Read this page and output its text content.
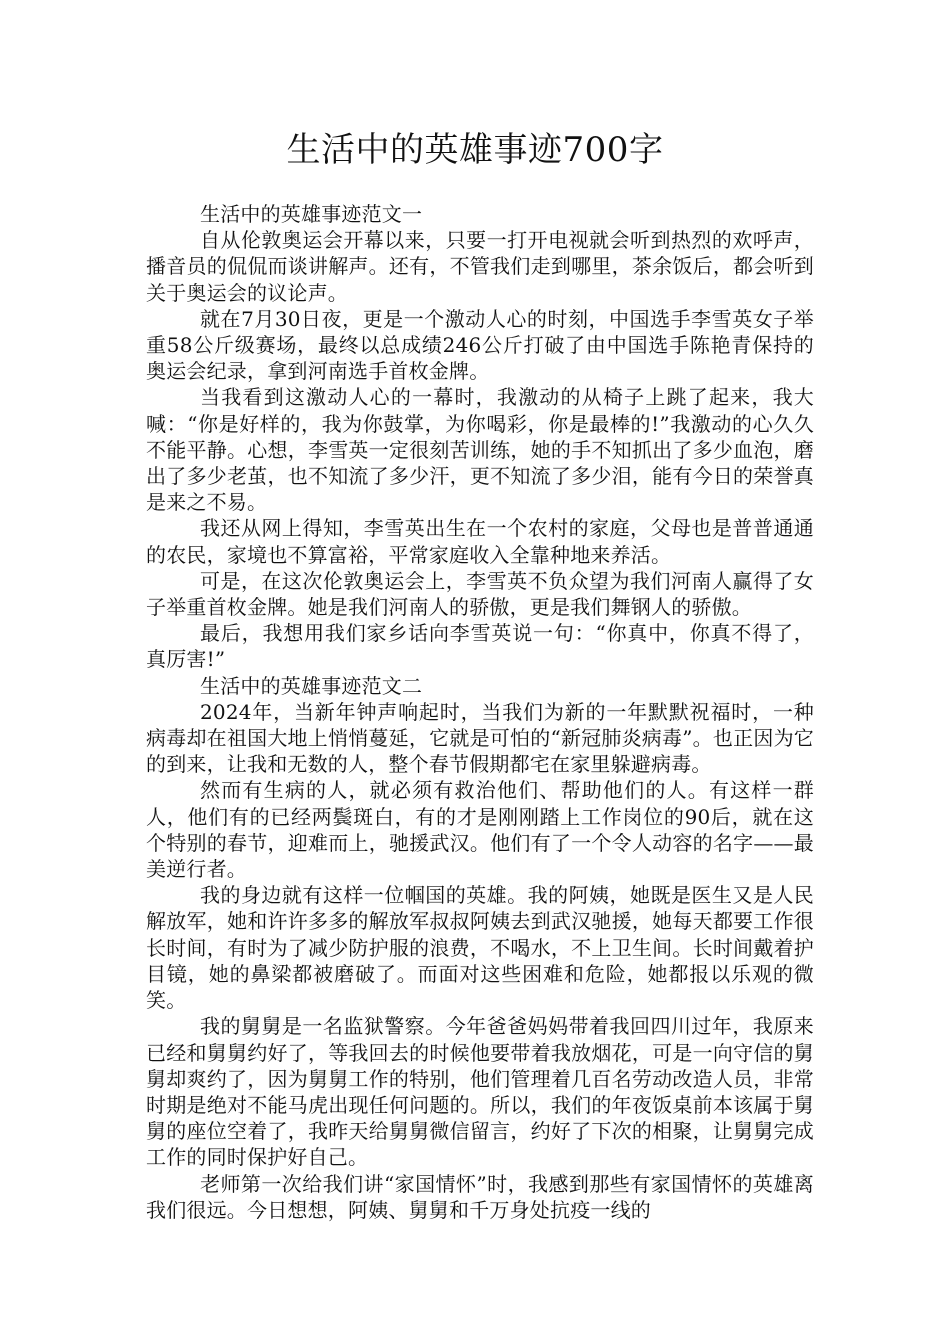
生活中的英雄事迹700字

生活中的英雄事迹范文一

自从伦敦奥运会开幕以来，只要一打开电视就会听到热烈的欢呼声，播音员的侃侃而谈讲解声。还有，不管我们走到哪里，茶余饭后，都会听到关于奥运会的议论声。

就在7月30日夜，更是一个激动人心的时刻，中国选手李雪英女子举重58公斤级赛场，最终以总成绩246公斤打破了由中国选手陈艳青保持的奥运会纪录，拿到河南选手首枚金牌。

当我看到这激动人心的一幕时，我激动的从椅子上跳了起来，我大喊：“你是好样的，我为你鼓掌，为你喝彩，你是最棒的!”我激动的心久久不能平静。心想，李雪英一定很刻苦训练，她的手不知抓出了多少血泡，磨出了多少老茧，也不知流了多少汗，更不知流了多少泪，能有今日的荣誉真是来之不易。

我还从网上得知，李雪英出生在一个农村的家庭，父母也是普普通通的农民，家境也不算富裕，平常家庭收入全靠种地来养活。

可是，在这次伦敦奥运会上，李雪英不负众望为我们河南人赢得了女子举重首枚金牌。她是我们河南人的骄傲，更是我们舞钢人的骄傲。

最后，我想用我们家乡话向李雪英说一句：“你真中，你真不得了，真厉害!”

生活中的英雄事迹范文二

2024年，当新年钟声响起时，当我们为新的一年默默祝福时，一种病毒却在祖国大地上悄悄蔓延，它就是可怕的“新冠肺炎病毒”。也正因为它的到来，让我和无数的人，整个春节假期都宅在家里躲避病毒。

然而有生病的人，就必须有救治他们、帮助他们的人。有这样一群人，他们有的已经两鬓斑白，有的才是刚刚踏上工作岗位的90后，就在这个特别的春节，迎难而上，驰援武汉。他们有了一个令人动容的名字——最美逆行者。

我的身边就有这样一位帼国的英雄。我的阿姨，她既是医生又是人民解放军，她和许许多多的解放军叔叔阿姨去到武汉驰援，她每天都要工作很长时间，有时为了减少防护服的浪费，不喝水，不上卫生间。长时间戴着护目镜，她的鼻梁都被磨破了。而面对这些困难和危险，她都报以乐观的微笑。

我的舅舅是一名监狱警察。今年爸爸妈妈带着我回四川过年，我原来已经和舅舅约好了，等我回去的时候他要带着我放烟花，可是一向守信的舅舅却爽约了，因为舅舅工作的特别，他们管理着几百名劳动改造人员，非常时期是绝对不能马虎出现任何问题的。所以，我们的年夜饭桌前本该属于舅舅的座位空着了，我昨天给舅舅微信留言，约好了下次的相聚，让舅舅完成工作的同时保护好自己。

老师第一次给我们讲“家国情怀”时，我感到那些有家国情怀的英雄离我们很远。今日想想，阿姨、舅舅和千万身处抗疫一线的
